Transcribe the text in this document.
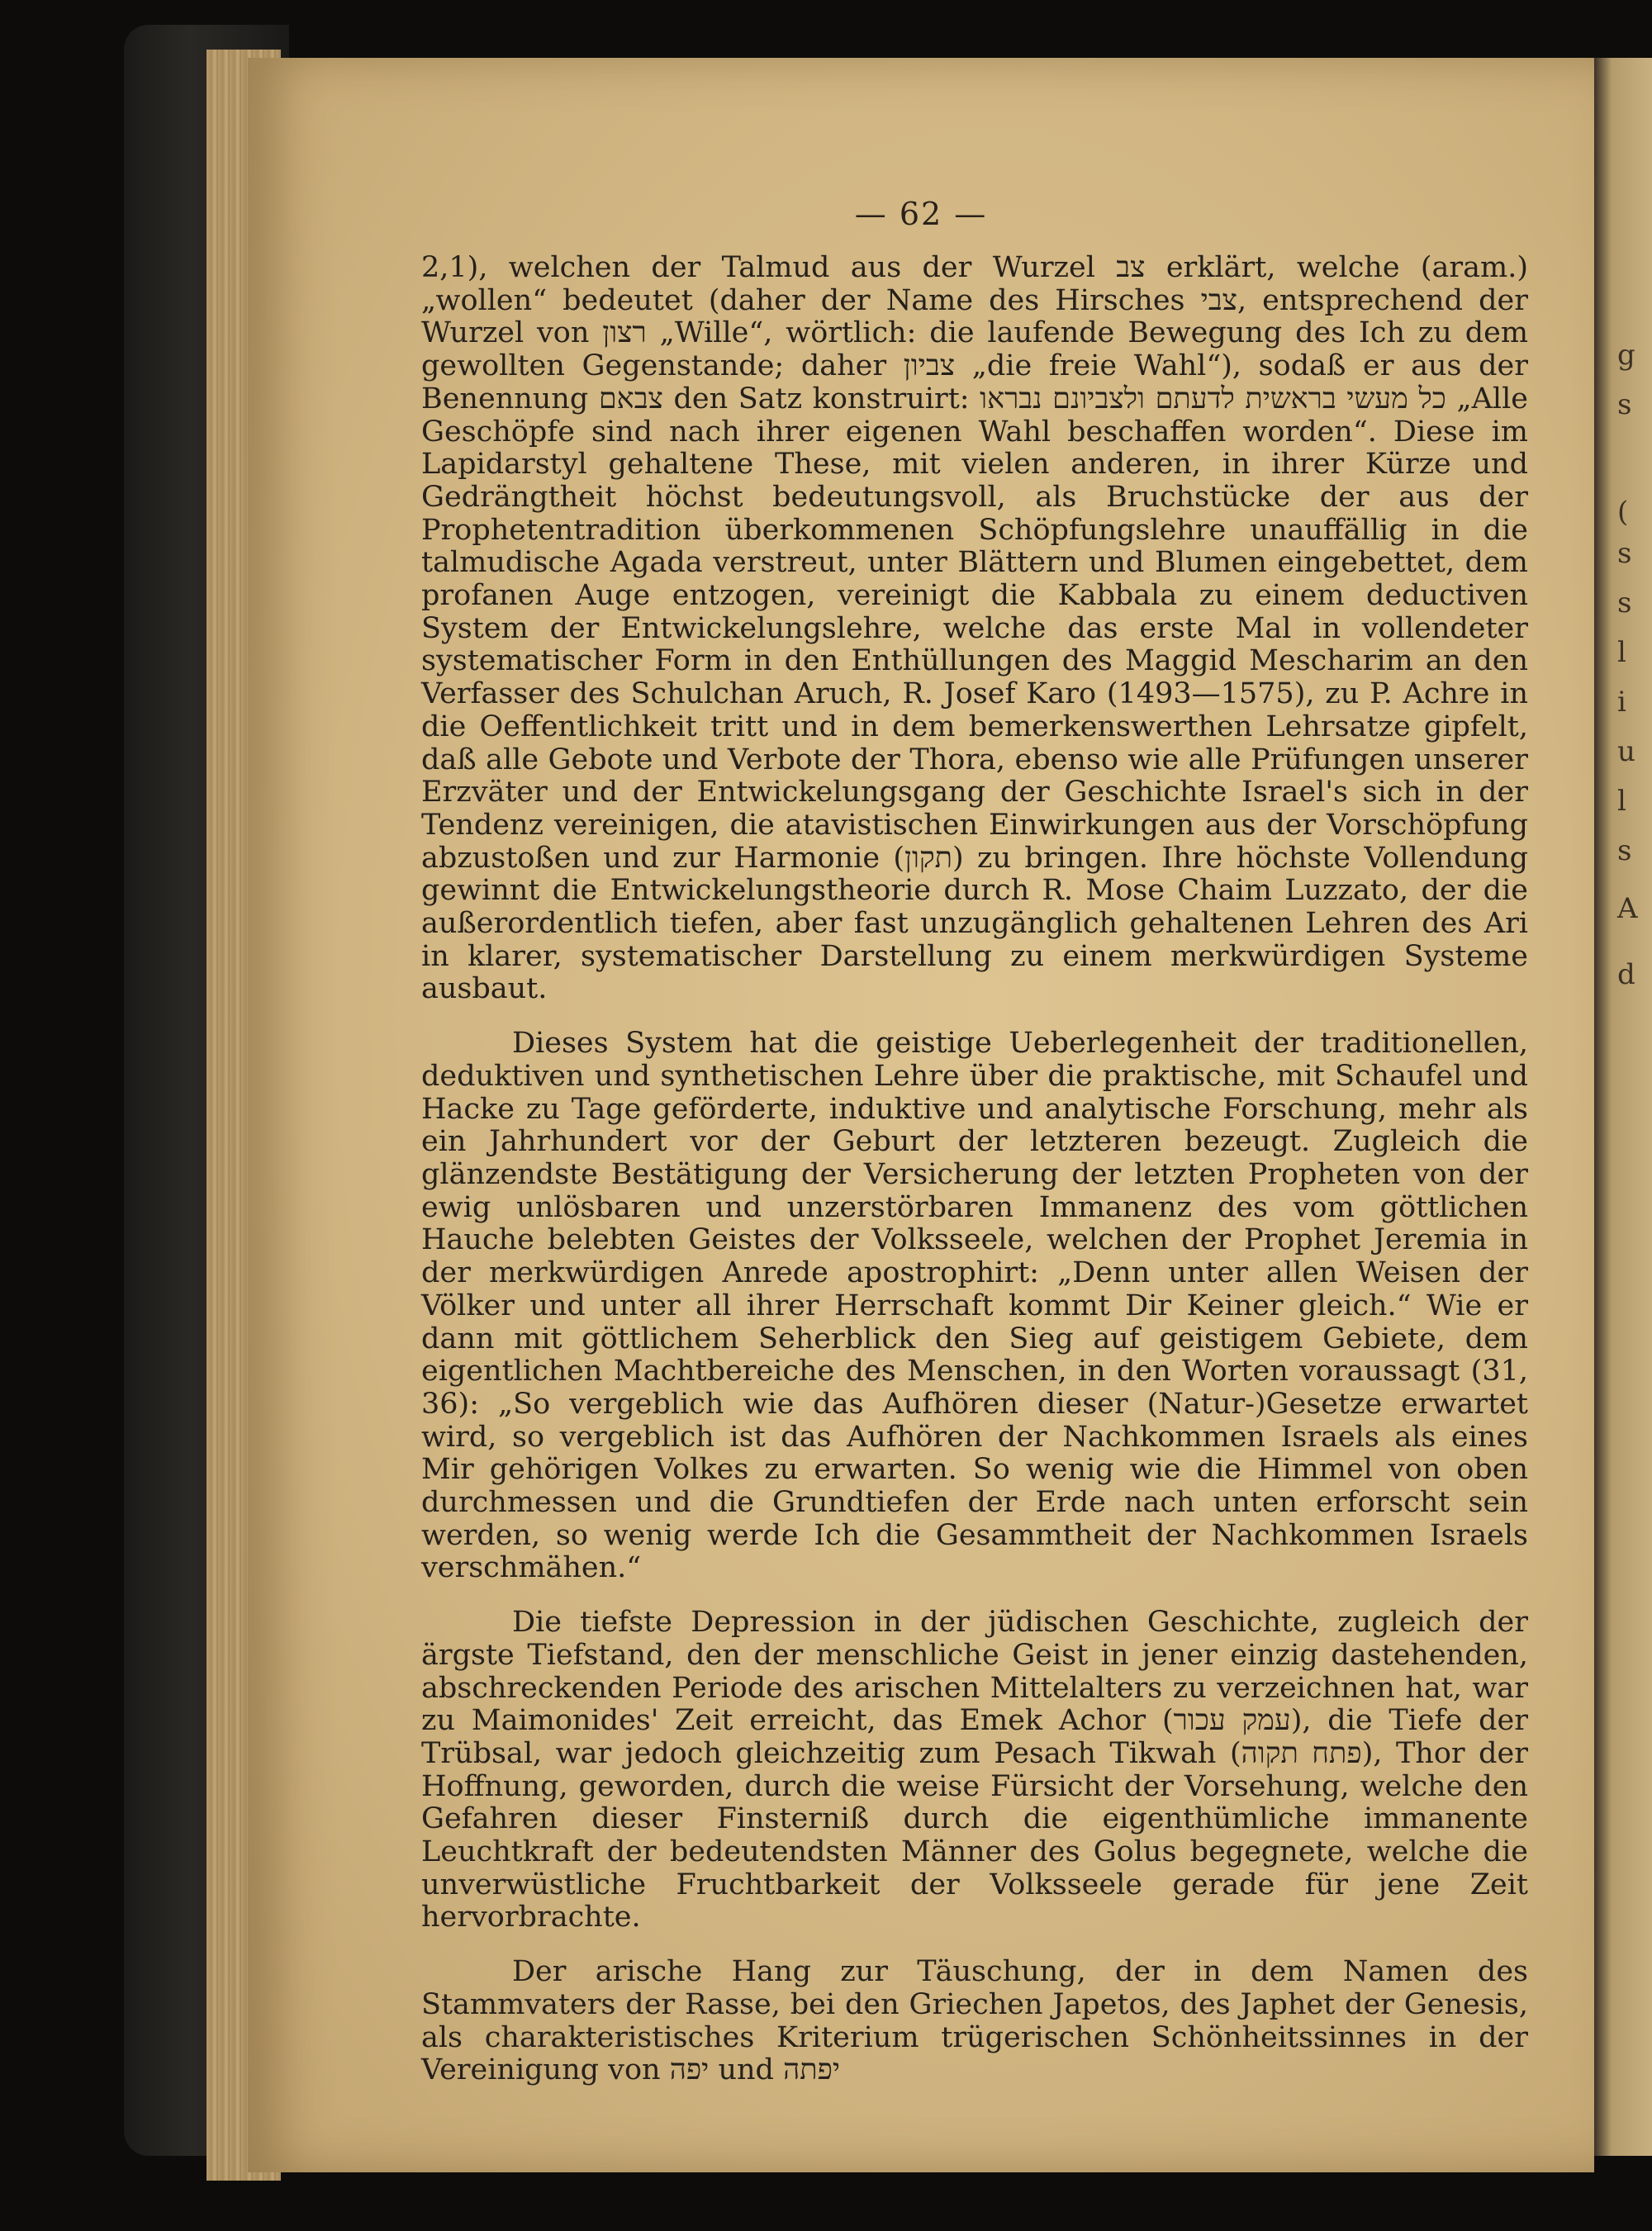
— 62 —

2,1), welchen der Talmud aus der Wurzel צב erklärt, welche (aram.) „wollen“ bedeutet (daher der Name des Hirsches צבי, entsprechend der Wurzel von רצון „Wille“, wörtlich: die laufende Bewegung des Ich zu dem gewollten Gegenstande; daher צביון „die freie Wahl“), sodaß er aus der Benennung צבאם den Satz konstruirt: כל מעשי בראשית לדעתם ולצביונם נבראו „Alle Geschöpfe sind nach ihrer eigenen Wahl beschaffen worden“. Diese im Lapidarstyl gehaltene These, mit vielen anderen, in ihrer Kürze und Gedrängtheit höchst bedeutungsvoll, als Bruchstücke der aus der Prophetentradition überkommenen Schöpfungslehre unauffällig in die talmudische Agada verstreut, unter Blättern und Blumen eingebettet, dem profanen Auge entzogen, vereinigt die Kabbala zu einem deductiven System der Entwickelungslehre, welche das erste Mal in vollendeter systematischer Form in den Enthüllungen des Maggid Mescharim an den Verfasser des Schulchan Aruch, R. Josef Karo (1493—1575), zu P. Achre in die Oeffentlichkeit tritt und in dem bemerkenswerthen Lehrsatze gipfelt, daß alle Gebote und Verbote der Thora, ebenso wie alle Prüfungen unserer Erzväter und der Entwickelungsgang der Geschichte Israel's sich in der Tendenz vereinigen, die atavistischen Einwirkungen aus der Vorschöpfung abzustoßen und zur Harmonie (תקון) zu bringen. Ihre höchste Vollendung gewinnt die Entwickelungstheorie durch R. Mose Chaim Luzzato, der die außerordentlich tiefen, aber fast unzugänglich gehaltenen Lehren des Ari in klarer, systematischer Darstellung zu einem merkwürdigen Systeme ausbaut.

Dieses System hat die geistige Ueberlegenheit der traditionellen, deduktiven und synthetischen Lehre über die praktische, mit Schaufel und Hacke zu Tage geförderte, induktive und analytische Forschung, mehr als ein Jahrhundert vor der Geburt der letzteren bezeugt. Zugleich die glänzendste Bestätigung der Versicherung der letzten Propheten von der ewig unlösbaren und unzerstörbaren Immanenz des vom göttlichen Hauche belebten Geistes der Volksseele, welchen der Prophet Jeremia in der merkwürdigen Anrede apostrophirt: „Denn unter allen Weisen der Völker und unter all ihrer Herrschaft kommt Dir Keiner gleich.“ Wie er dann mit göttlichem Seherblick den Sieg auf geistigem Gebiete, dem eigentlichen Machtbereiche des Menschen, in den Worten voraussagt (31, 36): „So vergeblich wie das Aufhören dieser (Natur-)Gesetze erwartet wird, so vergeblich ist das Aufhören der Nachkommen Israels als eines Mir gehörigen Volkes zu erwarten. So wenig wie die Himmel von oben durchmessen und die Grundtiefen der Erde nach unten erforscht sein werden, so wenig werde Ich die Gesammtheit der Nachkommen Israels verschmähen.“

Die tiefste Depression in der jüdischen Geschichte, zugleich der ärgste Tiefstand, den der menschliche Geist in jener einzig dastehenden, abschreckenden Periode des arischen Mittelalters zu verzeichnen hat, war zu Maimonides' Zeit erreicht, das Emek Achor (עמק עכור), die Tiefe der Trübsal, war jedoch gleichzeitig zum Pesach Tikwah (פתח תקוה), Thor der Hoffnung, geworden, durch die weise Fürsicht der Vorsehung, welche den Gefahren dieser Finsterniß durch die eigenthümliche immanente Leuchtkraft der bedeutendsten Männer des Golus begegnete, welche die unverwüstliche Fruchtbarkeit der Volksseele gerade für jene Zeit hervorbrachte.

Der arische Hang zur Täuschung, der in dem Namen des Stammvaters der Rasse, bei den Griechen Japetos, des Japhet der Genesis, als charakteristisches Kriterium trügerischen Schönheitssinnes in der Vereinigung von יפה und יפתה

g
s
(
s
s
l
i
u
l
s
A
d
